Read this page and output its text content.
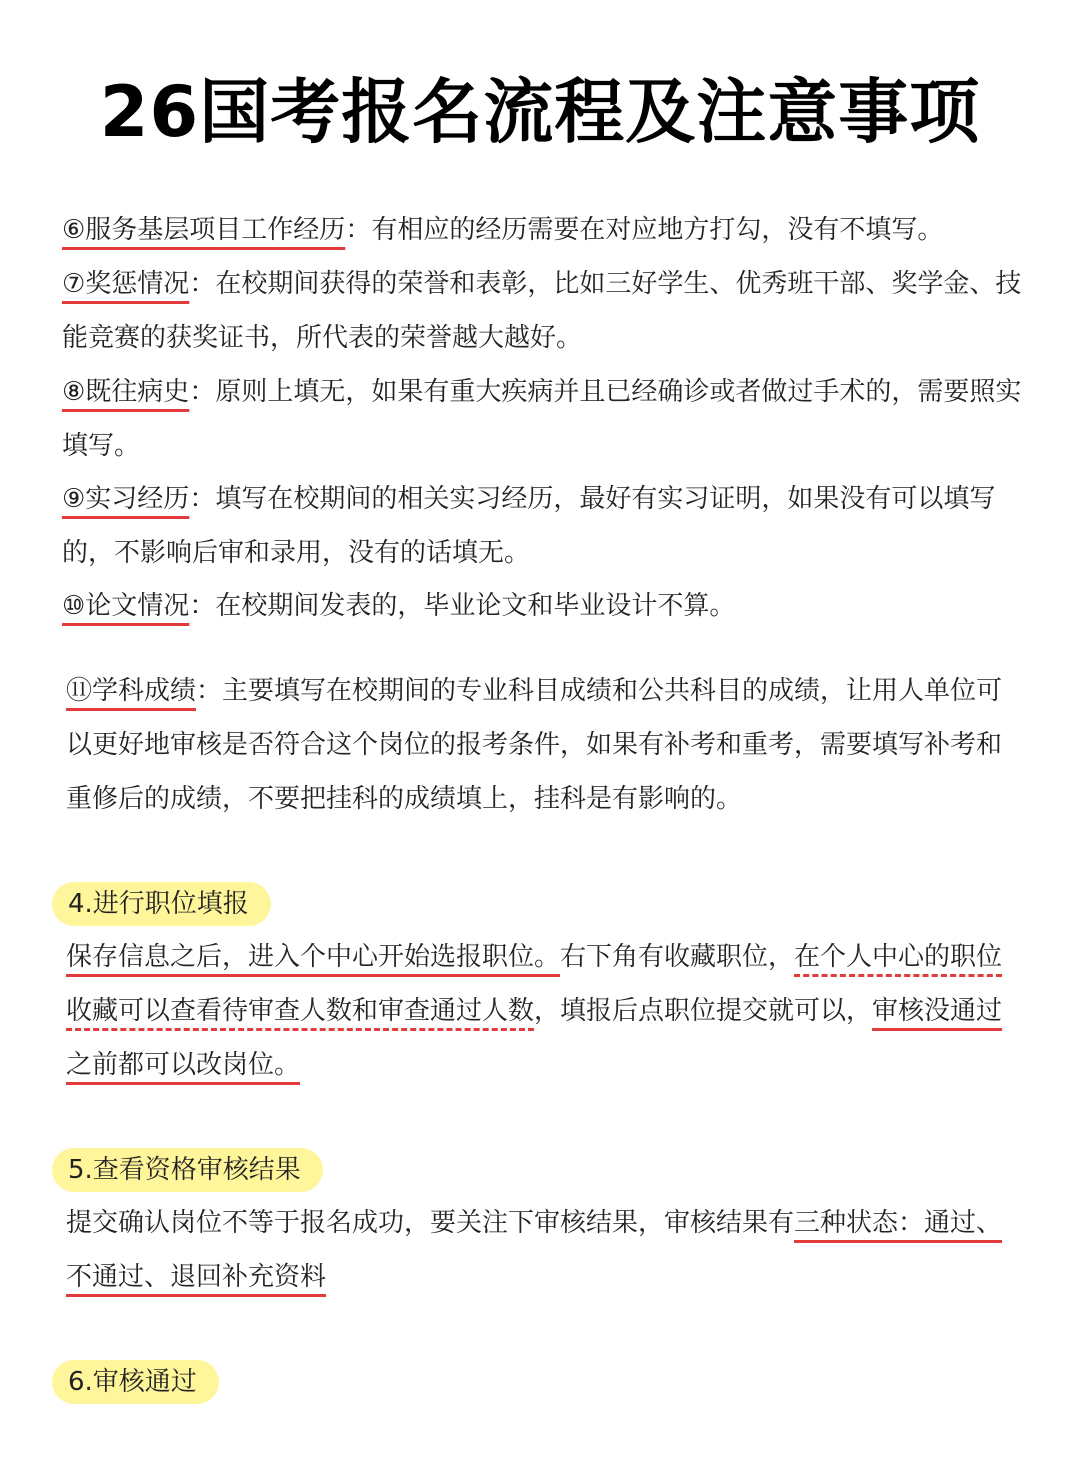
26国考报名流程及注意事项
⑥服务基层项目工作经历：有相应的经历需要在对应地方打勾，没有不填写。
⑦奖惩情况：在校期间获得的荣誉和表彰，比如三好学生、优秀班干部、奖学金、技能竞赛的获奖证书，所代表的荣誉越大越好。
⑧既往病史：原则上填无，如果有重大疾病并且已经确诊或者做过手术的，需要照实填写。
⑨实习经历：填写在校期间的相关实习经历，最好有实习证明，如果没有可以填写的，不影响后审和录用，没有的话填无。
⑩论文情况：在校期间发表的，毕业论文和毕业设计不算。
⑪学科成绩：主要填写在校期间的专业科目成绩和公共科目的成绩，让用人单位可以更好地审核是否符合这个岗位的报考条件，如果有补考和重考，需要填写补考和重修后的成绩，不要把挂科的成绩填上，挂科是有影响的。
4.进行职位填报
保存信息之后，进入个中心开始选报职位。右下角有收藏职位，在个人中心的职位收藏可以查看待审查人数和审查通过人数，填报后点职位提交就可以，审核没通过之前都可以改岗位。
5.查看资格审核结果
提交确认岗位不等于报名成功，要关注下审核结果，审核结果有三种状态：通过、不通过、退回补充资料
6.审核通过
